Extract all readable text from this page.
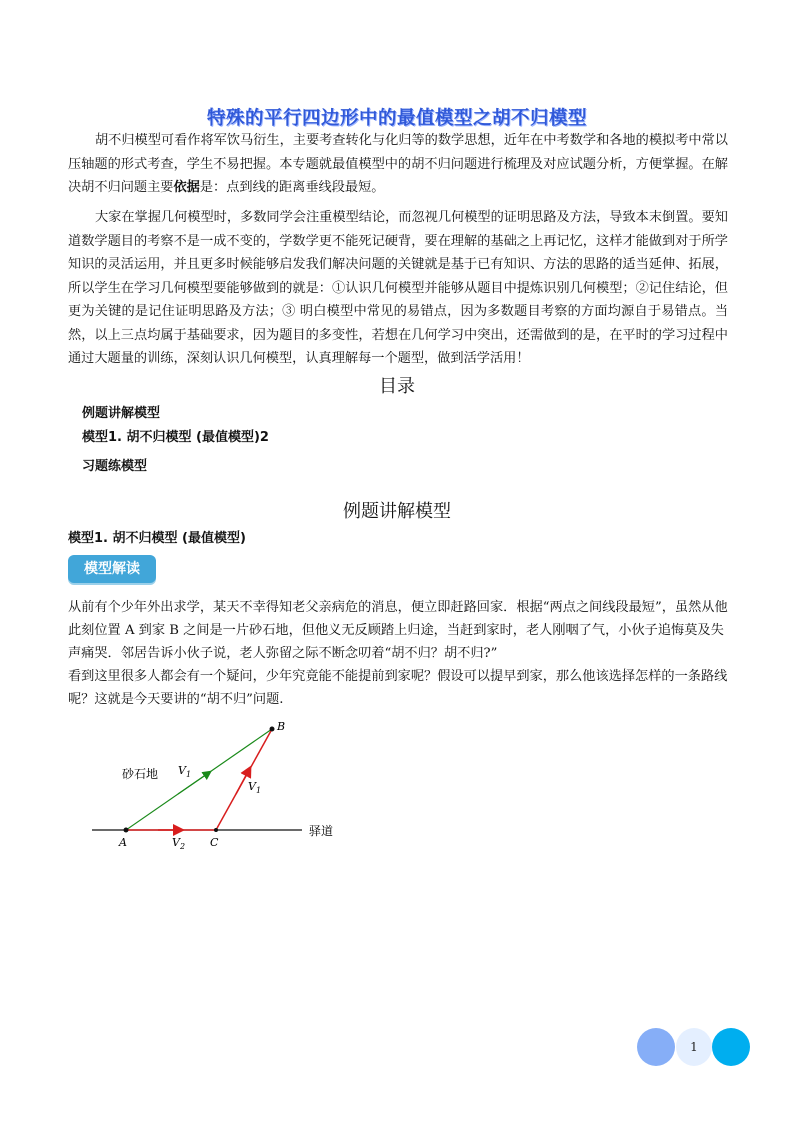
特殊的平行四边形中的最值模型之胡不归模型

胡不归模型可看作将军饮马衍生，主要考查转化与化归等的数学思想，近年在中考数学和各地的模拟考中常以压轴题的形式考查，学生不易把握。本专题就最值模型中的胡不归问题进行梳理及对应试题分析，方便掌握。在解决胡不归问题主要依据是：点到线的距离垂线段最短。

大家在掌握几何模型时，多数同学会注重模型结论，而忽视几何模型的证明思路及方法，导致本末倒置。要知道数学题目的考察不是一成不变的，学数学更不能死记硬背，要在理解的基础之上再记忆，这样才能做到对于所学知识的灵活运用，并且更多时候能够启发我们解决问题的关键就是基于已有知识、方法的思路的适当延伸、拓展，所以学生在学习几何模型要能够做到的就是：①认识几何模型并能够从题目中提炼识别几何模型；②记住结论，但更为关键的是记住证明思路及方法；③ 明白模型中常见的易错点，因为多数题目考察的方面均源自于易错点。当然，以上三点均属于基础要求，因为题目的多变性，若想在几何学习中突出，还需做到的是，在平时的学习过程中通过大题量的训练，深刻认识几何模型，认真理解每一个题型，做到活学活用！

目录
例题讲解模型
模型1. 胡不归模型 (最值模型)2
习题练模型
例题讲解模型
模型1. 胡不归模型 (最值模型)
模型解读

从前有个少年外出求学，某天不幸得知老父亲病危的消息，便立即赶路回家．根据“两点之间线段最短”，虽然从他此刻位置 A 到家 B 之间是一片砂石地，但他义无反顾踏上归途，当赶到家时，老人刚咽了气，小伙子追悔莫及失声痛哭．邻居告诉小伙子说，老人弥留之际不断念叨着“胡不归？胡不归?”

看到这里很多人都会有一个疑问，少年究竟能不能提前到家呢？假设可以提早到家，那么他该选择怎样的一条路线呢？这就是今天要讲的“胡不归”问题.

砂石地
驿道
A
B
C
$V_1$
$V_1$
$V_2$
1
